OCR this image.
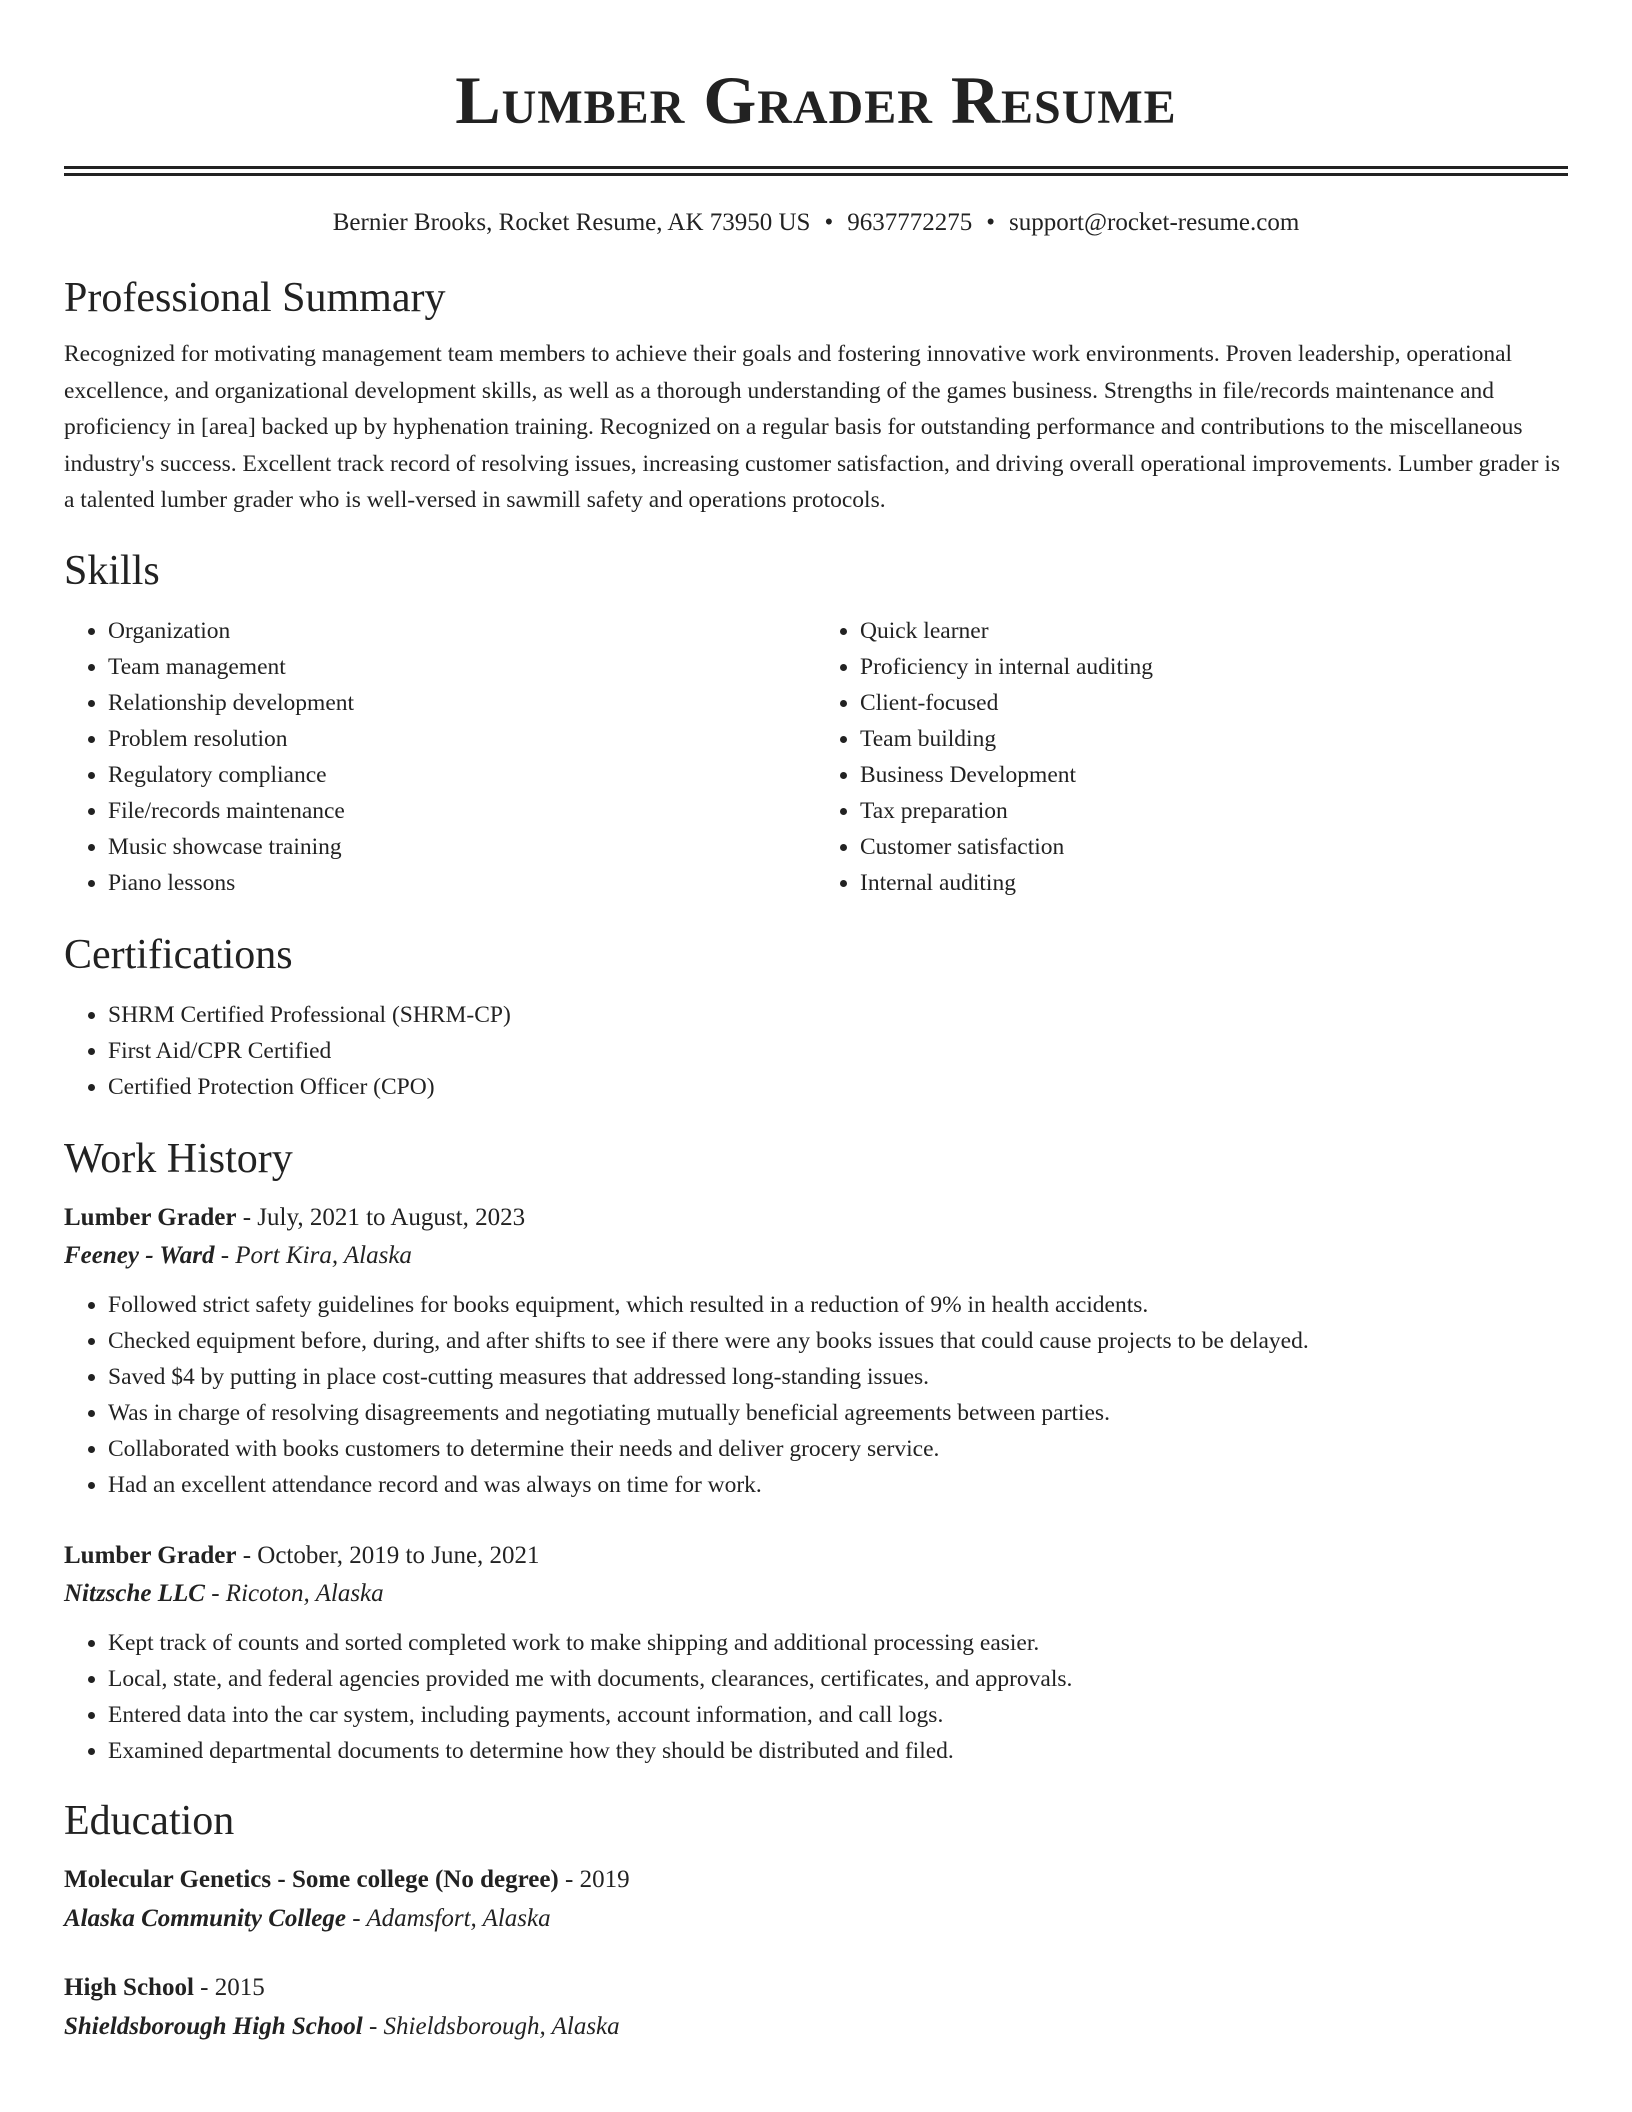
Lumber Grader Resume
Bernier Brooks, Rocket Resume, AK 73950 US • 9637772275 • support@rocket-resume.com
Professional Summary

Recognized for motivating management team members to achieve their goals and fostering innovative work environments. Proven leadership, operational excellence, and organizational development skills, as well as a thorough understanding of the games business. Strengths in file/records maintenance and proficiency in [area] backed up by hyphenation training. Recognized on a regular basis for outstanding performance and contributions to the miscellaneous industry's success. Excellent track record of resolving issues, increasing customer satisfaction, and driving overall operational improvements. Lumber grader is a talented lumber grader who is well-versed in sawmill safety and operations protocols.

Skills
• Organization
• Team management
• Relationship development
• Problem resolution
• Regulatory compliance
• File/records maintenance
• Music showcase training
• Piano lessons
• Quick learner
• Proficiency in internal auditing
• Client-focused
• Team building
• Business Development
• Tax preparation
• Customer satisfaction
• Internal auditing
Certifications
• SHRM Certified Professional (SHRM-CP)
• First Aid/CPR Certified
• Certified Protection Officer (CPO)
Work History
Lumber Grader - July, 2021 to August, 2023
Feeney - Ward - Port Kira, Alaska
• Followed strict safety guidelines for books equipment, which resulted in a reduction of 9% in health accidents.
• Checked equipment before, during, and after shifts to see if there were any books issues that could cause projects to be delayed.
• Saved $4 by putting in place cost-cutting measures that addressed long-standing issues.
• Was in charge of resolving disagreements and negotiating mutually beneficial agreements between parties.
• Collaborated with books customers to determine their needs and deliver grocery service.
• Had an excellent attendance record and was always on time for work.
Lumber Grader - October, 2019 to June, 2021
Nitzsche LLC - Ricoton, Alaska
• Kept track of counts and sorted completed work to make shipping and additional processing easier.
• Local, state, and federal agencies provided me with documents, clearances, certificates, and approvals.
• Entered data into the car system, including payments, account information, and call logs.
• Examined departmental documents to determine how they should be distributed and filed.
Education
Molecular Genetics - Some college (No degree) - 2019
Alaska Community College - Adamsfort, Alaska
High School - 2015
Shieldsborough High School - Shieldsborough, Alaska
